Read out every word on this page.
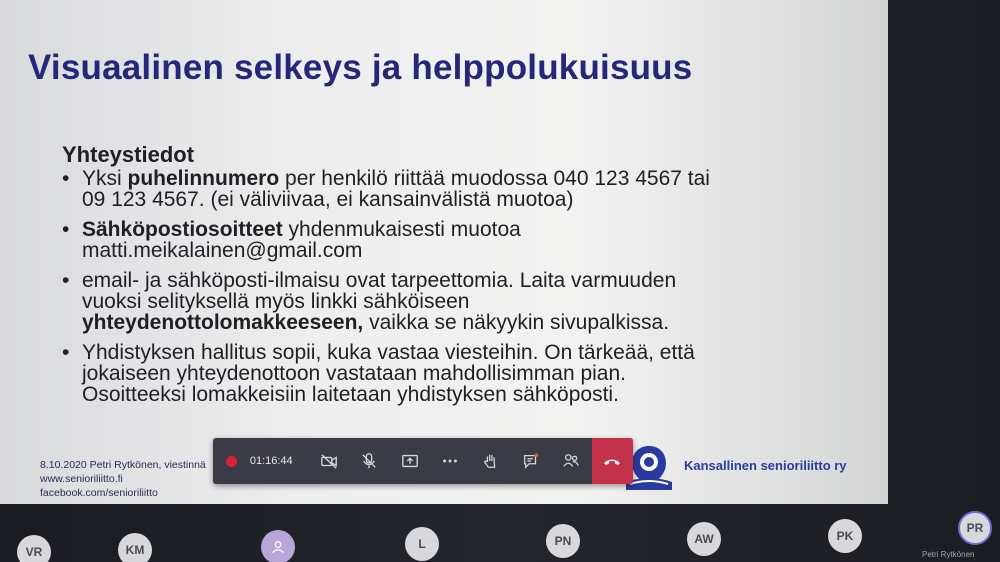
Visuaalinen selkeys ja helppolukuisuus
Yhteystiedot
• Yksi puhelinnumero per henkilö riittää muodossa 040 123 4567 tai
09 123 4567. (ei väliviivaa, ei kansainvälistä muotoa)
• Sähköpostiosoitteet yhdenmukaisesti muotoa
matti.meikalainen@gmail.com
• email- ja sähköposti-ilmaisu ovat tarpeettomia. Laita varmuuden
vuoksi selityksellä myös linkki sähköiseen
yhteydenottolomakkeeseen, vaikka se näkyykin sivupalkissa.
• Yhdistyksen hallitus sopii, kuka vastaa viesteihin. On tärkeää, että
jokaiseen yhteydenottoon vastataan mahdollisimman pian.
Osoitteeksi lomakkeisiin laitetaan yhdistyksen sähköposti.
8.10.2020 Petri Rytkönen, viestinnä
www.senioriliitto.fi
facebook.com/senioriliitto
Kansallinen senioriliitto ry
01:16:44
VR	KM	L	PN	AW	PK
PR
Petri Rytkönen
